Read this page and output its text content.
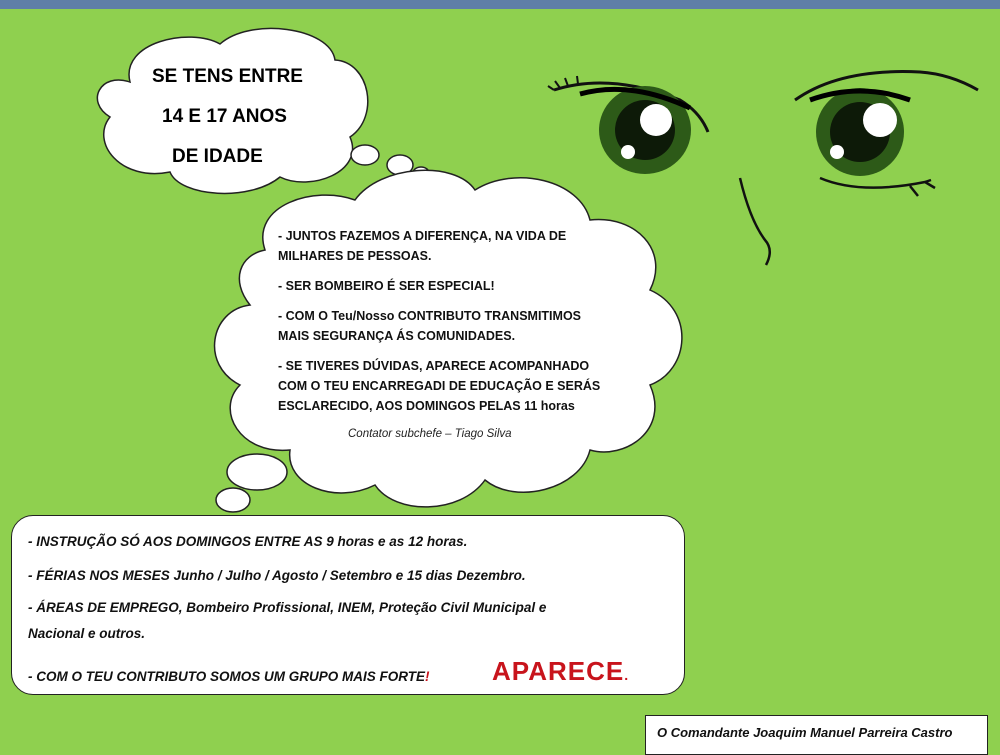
SE TENS ENTRE
14 E 17 ANOS
DE IDADE

- JUNTOS FAZEMOS A DIFERENÇA, NA VIDA DE MILHARES DE PESSOAS.

- SER BOMBEIRO É SER ESPECIAL!

- COM O Teu/Nosso CONTRIBUTO TRANSMITIMOS MAIS SEGURANÇA ÁS COMUNIDADES.

- SE TIVERES DÚVIDAS, APARECE ACOMPANHADO COM O TEU ENCARREGADI DE EDUCAÇÃO E SERÁS ESCLARECIDO, AOS DOMINGOS PELAS 11 horas

Contator subchefe – Tiago Silva
- INSTRUÇÃO SÓ AOS DOMINGOS ENTRE AS 9 horas e as 12 horas.
- FÉRIAS NOS MESES Junho / Julho / Agosto / Setembro e 15 dias Dezembro.
- ÁREAS DE EMPREGO, Bombeiro Profissional, INEM, Proteção Civil Municipal e
Nacional e outros.
- COM O TEU CONTRIBUTO SOMOS UM GRUPO MAIS FORTE! APARECE.
O Comandante Joaquim Manuel Parreira Castro
